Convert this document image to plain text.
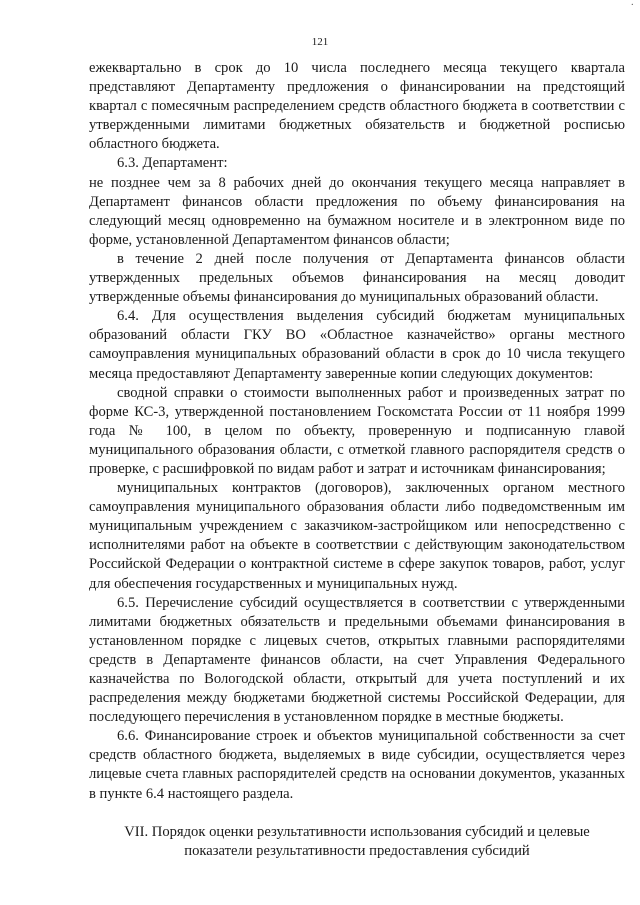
·
121

ежеквартально в срок до 10 числа последнего месяца текущего квартала представляют Департаменту предложения о финансировании на предстоящий квартал с помесячным распределением средств областного бюджета в соответствии с утвержденными лимитами бюджетных обязательств и бюджетной росписью областного бюджета.

6.3. Департамент:

не позднее чем за 8 рабочих дней до окончания текущего месяца направляет в Департамент финансов области предложения по объему финансирования на следующий месяц одновременно на бумажном носителе и в электронном виде по форме, установленной Департаментом финансов области;

в течение 2 дней после получения от Департамента финансов области утвержденных предельных объемов финансирования на месяц доводит утвержденные объемы финансирования до муниципальных образований области.

6.4. Для осуществления выделения субсидий бюджетам муниципальных образований области ГКУ ВО «Областное казначейство» органы местного самоуправления муниципальных образований области в срок до 10 числа текущего месяца предоставляют Департаменту заверенные копии следующих документов:

сводной справки о стоимости выполненных работ и произведенных затрат по форме КС-3, утвержденной постановлением Госкомстата России от 11 ноября 1999 года № 100, в целом по объекту, проверенную и подписанную главой муниципального образования области, с отметкой главного распорядителя средств о проверке, с расшифровкой по видам работ и затрат и источникам финансирования;

муниципальных контрактов (договоров), заключенных органом местного самоуправления муниципального образования области либо подведомственным им муниципальным учреждением с заказчиком-застройщиком или непосредственно с исполнителями работ на объекте в соответствии с действующим законодательством Российской Федерации о контрактной системе в сфере закупок товаров, работ, услуг для обеспечения государственных и муниципальных нужд.

6.5. Перечисление субсидий осуществляется в соответствии с утвержденными лимитами бюджетных обязательств и предельными объемами финансирования в установленном порядке с лицевых счетов, открытых главными распорядителями средств в Департаменте финансов области, на счет Управления Федерального казначейства по Вологодской области, открытый для учета поступлений и их распределения между бюджетами бюджетной системы Российской Федерации, для последующего перечисления в установленном порядке в местные бюджеты.

6.6. Финансирование строек и объектов муниципальной собственности за счет средств областного бюджета, выделяемых в виде субсидии, осуществляется через лицевые счета главных распорядителей средств на основании документов, указанных в пункте 6.4 настоящего раздела.

VII. Порядок оценки результативности использования субсидий и целевые
показатели результативности предоставления субсидий
